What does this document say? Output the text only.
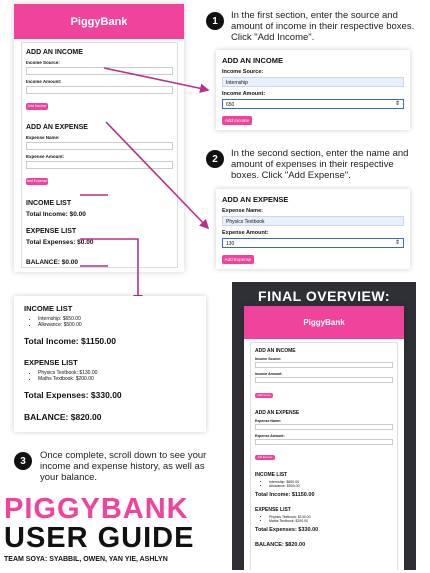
PiggyBank
ADD AN INCOME
Income Source:
Income Amount:
Add Income
ADD AN EXPENSE
Expense Name:
Expense Amount:
Add Expense
INCOME LIST
Total Income: $0.00
EXPENSE LIST
Total Expenses: $0.00
BALANCE: $0.00
1 In the first section, enter the source and amount of income in their respective boxes. Click "Add Income".
ADD AN INCOME
Income Source:
Internship
Income Amount:
650	⇕
Add Income
2 In the second section, enter the name and amount of expenses in their respective boxes. Click "Add Expense".
ADD AN EXPENSE
Expense Name:
Physics Textbook
Expense Amount:
130	⇕
Add Expense
INCOME LIST
• Internship: $650.00
• Allowance: $500.00
Total Income: $1150.00
EXPENSE LIST
• Physics Textbook: $130.00
• Maths Textbook: $200.00
Total Expenses: $330.00
BALANCE: $820.00
3 Once complete, scroll down to see your income and expense history, as well as your balance.
PIGGYBANK
USER GUIDE
TEAM SOYA: SYABBIL, OWEN, YAN YIE, ASHLYN
FINAL OVERVIEW:
PiggyBank
ADD AN INCOME
Income Source:
Income Amount:
Add Income
ADD AN EXPENSE
Expense Name:
Expense Amount:
Add Expense
INCOME LIST
• Internship: $650.00
• Allowance: $500.00
Total Income: $1150.00
EXPENSE LIST
• Physics Textbook: $130.00
• Maths Textbook: $200.00
Total Expenses: $330.00
BALANCE: $820.00
